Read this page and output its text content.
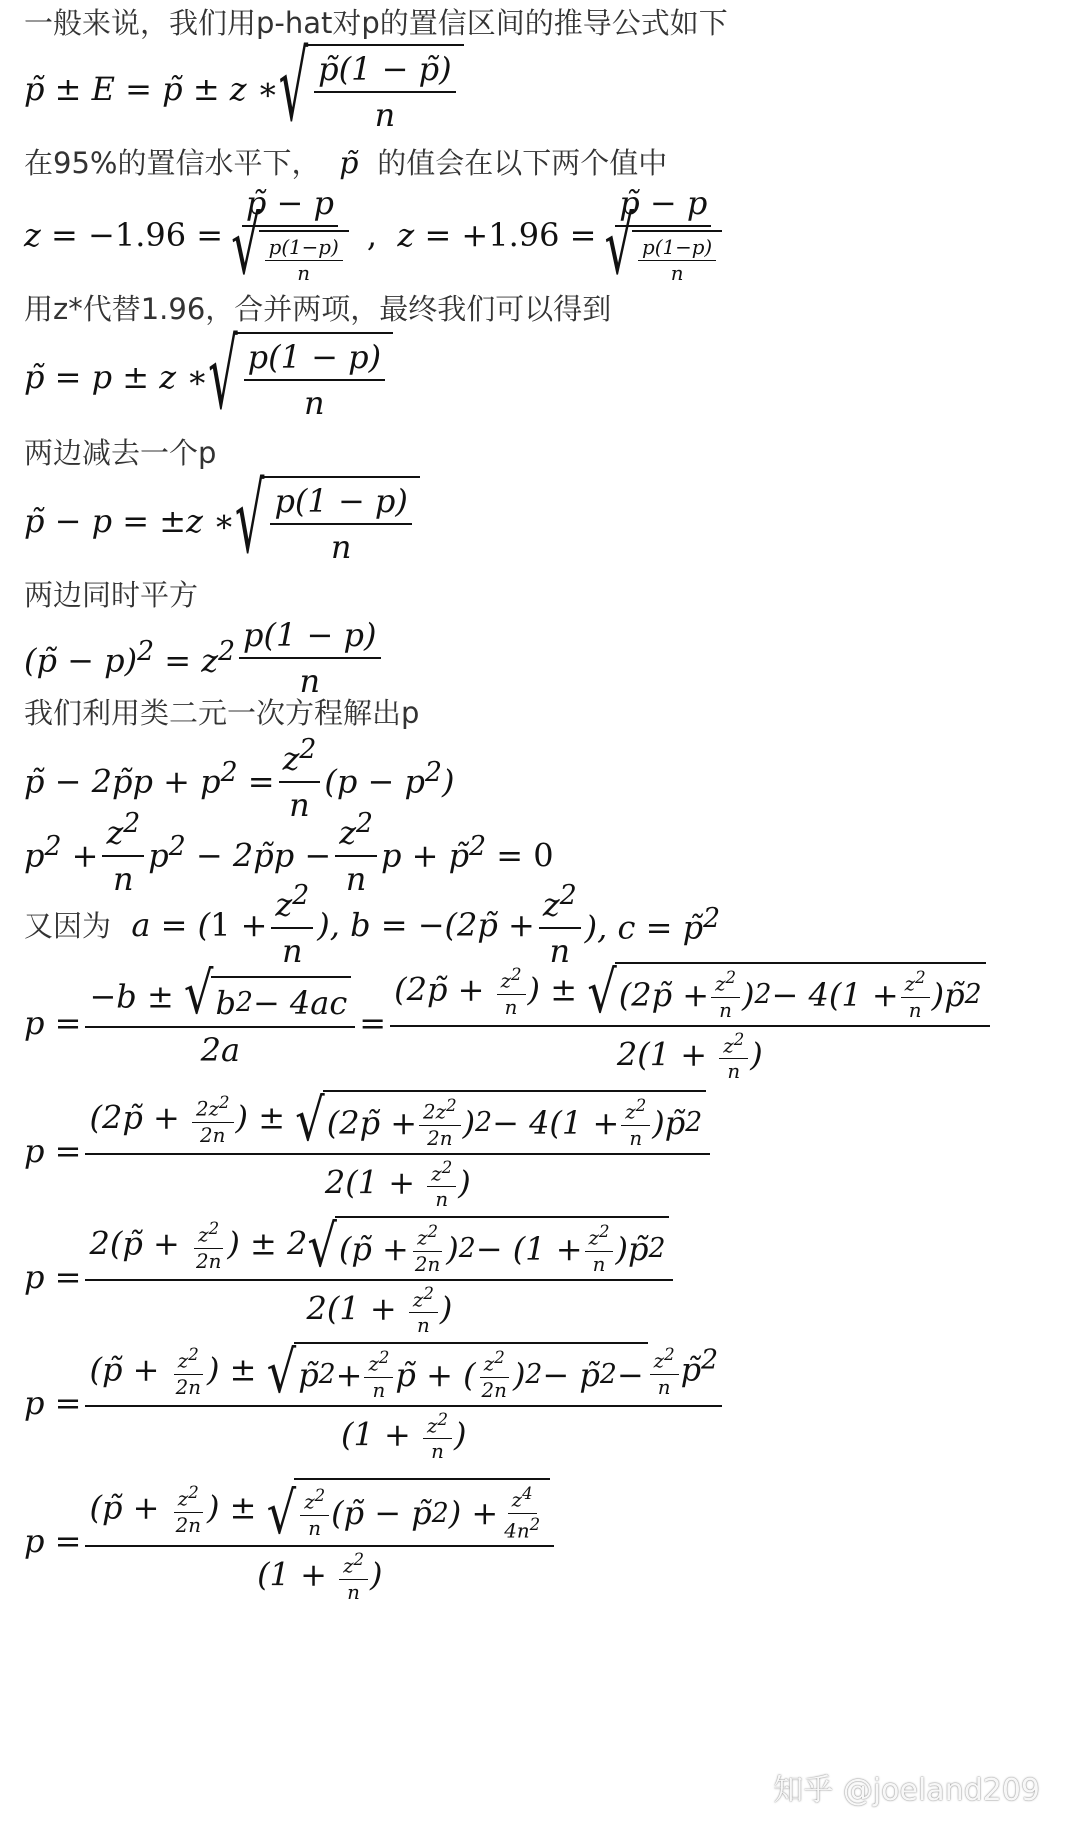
一般来说，我们用p-hat对p的置信区间的推导公式如下
p̃ ± E = p̃ ± z ∗ √ p̃(1 − p̃)
n
在95%的置信水平下，  p̃  的值会在以下两个值中
z = −1.96 = p̃ − p
√ p(1−p)
n , z = +1.96 = p̃ − p
√ p(1−p)
n
用z*代替1.96，合并两项，最终我们可以得到
p̃ = p ± z ∗ √ p(1 − p)
n
两边减去一个p
p̃ − p = ±z ∗ √ p(1 − p)
n
两边同时平方
(p̃ − $p)^2 = z^2$ p(1 − p)
n
我们利用类二元一次方程解出p
p̃ − 2p̃p + $p^2 = \frac{z^2}{n} (p - p^2)$
$p^2 + \frac{z^2}{n} p^2$ − 2p̃p − $\frac{z^2}{n}$ p + p̃$^2$ = 0
又因为 $a = (1 + \frac{z^2}{n}$ ), b = −(2p̃ + $\frac{z^2}{n}$ ), c = p̃$^2$
$p = \frac{-b \pm √ b 2 - 4ac}{2a}$ = (2p̃ + $\frac{z^2}{n}$ ) ± √ (2p̃ + $z^2$
n ) $2 - 4(1 + z^2$
n )p̃ 2
$2(1 + \frac{z^2}{n}$ )
p = (2p̃ + $\frac{2z^2}{2n}$ ) ± √ (2p̃ + $2z^2$
2n ) $2 - 4(1 + z^2$
n )p̃ 2
$2(1 + \frac{z^2}{n}$ )
p = 2(p̃ + $\frac{z^2}{2n}$ ) ± 2 √ (p̃ + $z^2$
2n ) $2 - (1 + z^2$
n )p̃ 2
$2(1 + \frac{z^2}{n}$ )
p = (p̃ + $\frac{z^2}{2n}$ ) ± √ p̃ $2 + z^2$
n p̃ + ( $z^2$
2n ) 2 − p̃ $2 - \frac{z^2}{n}$ p̃$^2$
($1 + \frac{z^2}{n}$ )
p = (p̃ + $\frac{z^2}{2n}$ ) ± √ $z^2$
n (p̃ − p̃ 2 ) + $z^4$
$4n^2$
($1 + \frac{z^2}{n}$ )
知乎 @joeland209
